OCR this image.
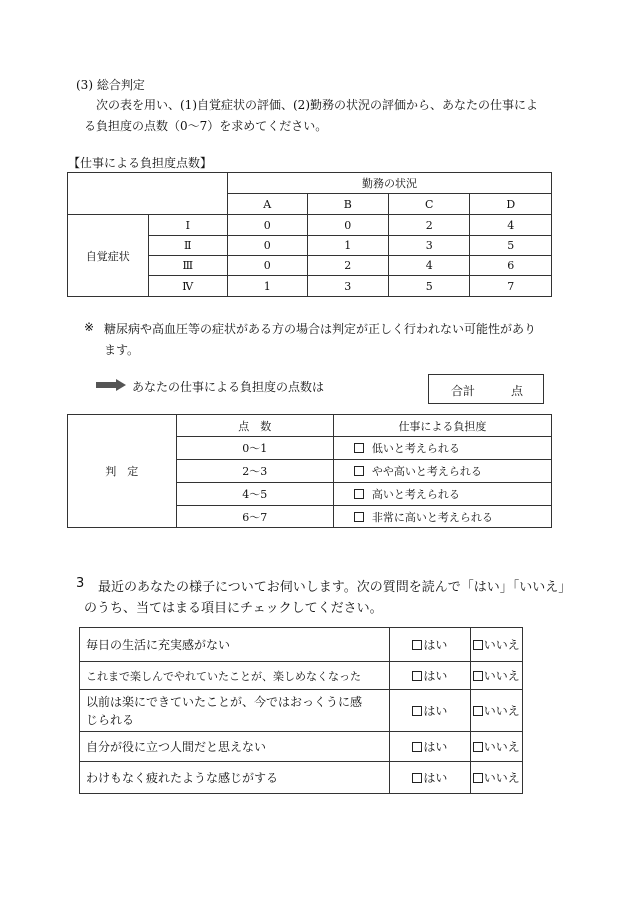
(3) 総合判定
次の表を用い、(1)自覚症状の評価、(2)勤務の状況の評価から、あなたの仕事によ
る負担度の点数（0〜7）を求めてください。
【仕事による負担度点数】
		勤務の状況			
		A	B	C	D
自覚症状	Ⅰ	0	0	2	4
	Ⅱ	0	1	3	5
	Ⅲ	0	2	4	6
	Ⅳ	1	3	5	7
※ 糖尿病や高血圧等の症状がある方の場合は判定が正しく行われない可能性があり
ます。
あなたの仕事による負担度の点数は	合計	点
判　定	点　数	仕事による負担度
	0〜1	低いと考えられる
	2〜3	やや高いと考えられる
	4〜5	高いと考えられる
	6〜7	非常に高いと考えられる
3 最近のあなたの様子についてお伺いします。次の質問を読んで「はい」「いいえ」
のうち、当てはまる項目にチェックしてください。
毎日の生活に充実感がない	はい	いいえ
これまで楽しんでやれていたことが、楽しめなくなった	はい	いいえ
以前は楽にできていたことが、今ではおっくうに感
じられる	はい	いいえ
自分が役に立つ人間だと思えない	はい	いいえ
わけもなく疲れたような感じがする	はい	いいえ
